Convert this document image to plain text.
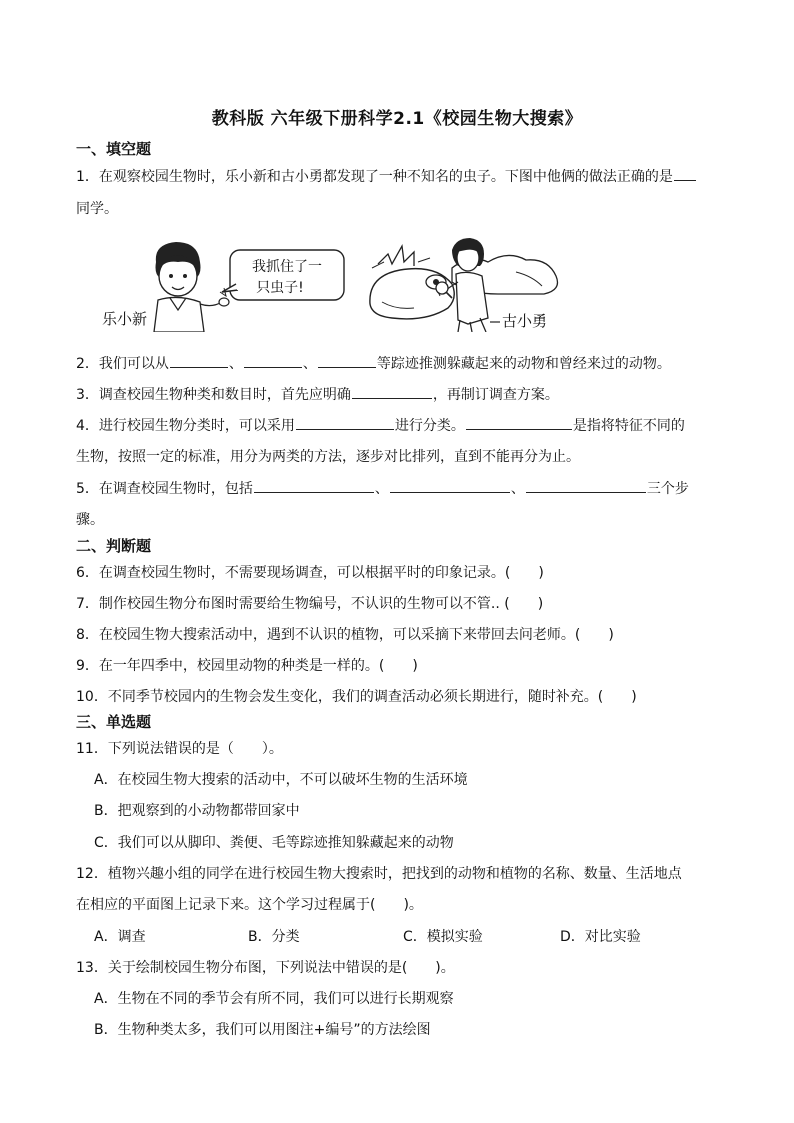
教科版 六年级下册科学2.1《校园生物大搜索》
一、填空题
1．在观察校园生物时，乐小新和古小勇都发现了一种不知名的虫子。下图中他俩的做法正确的是
同学。
我抓住了一
只虫子!
乐小新	古小勇
2．我们可以从	、	、	等踪迹推测躲藏起来的动物和曾经来过的动物。
3．调查校园生物种类和数目时，首先应明确	，再制订调查方案。
4．进行校园生物分类时，可以采用	进行分类。	是指将特征不同的
生物，按照一定的标准，用分为两类的方法，逐步对比排列，直到不能再分为止。
5．在调查校园生物时，包括	、	、	三个步
骤。
二、判断题
6．在调查校园生物时，不需要现场调查，可以根据平时的印象记录。(　　)
7．制作校园生物分布图时需要给生物编号，不认识的生物可以不管.. (　　)
8．在校园生物大搜索活动中，遇到不认识的植物，可以采摘下来带回去问老师。(　　)
9．在一年四季中，校园里动物的种类是一样的。(　　)
10．不同季节校园内的生物会发生变化，我们的调查活动必须长期进行，随时补充。(　　)
三、单选题
11．下列说法错误的是（　　）。
A．在校园生物大搜索的活动中，不可以破坏生物的生活环境
B．把观察到的小动物都带回家中
C．我们可以从脚印、粪便、毛等踪迹推知躲藏起来的动物
12．植物兴趣小组的同学在进行校园生物大搜索时，把找到的动物和植物的名称、数量、生活地点
在相应的平面图上记录下来。这个学习过程属于(　　)。
A．调查	B．分类	C．模拟实验	D．对比实验
13．关于绘制校园生物分布图，下列说法中错误的是(　　)。
A．生物在不同的季节会有所不同，我们可以进行长期观察
B．生物种类太多，我们可以用图注+编号”的方法绘图
